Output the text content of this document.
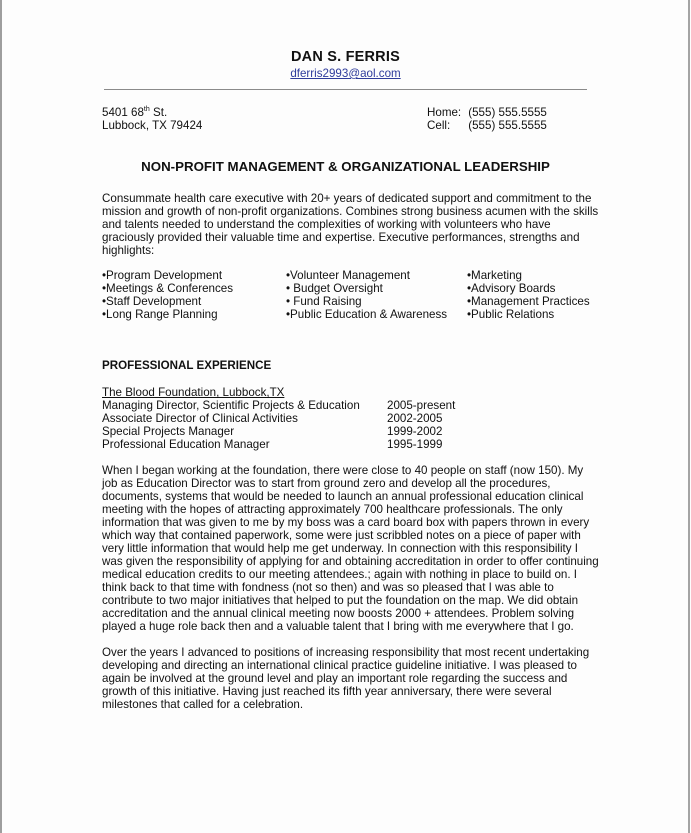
DAN S. FERRIS
dferris2993@aol.com
5401 68th St.
Lubbock, TX 79424
Home: (555) 555.5555
Cell: (555) 555.5555
NON-PROFIT MANAGEMENT & ORGANIZATIONAL LEADERSHIP
Consummate health care executive with 20+ years of dedicated support and commitment to the
mission and growth of non-profit organizations. Combines strong business acumen with the skills
and talents needed to understand the complexities of working with volunteers who have
graciously provided their valuable time and expertise. Executive performances, strengths and
highlights:
•Program Development
•Meetings & Conferences
•Staff Development
•Long Range Planning
•Volunteer Management
• Budget Oversight
• Fund Raising
•Public Education & Awareness
•Marketing
•Advisory Boards
•Management Practices
•Public Relations
PROFESSIONAL EXPERIENCE
The Blood Foundation, Lubbock,TX
Managing Director, Scientific Projects & Education 2005-present
Associate Director of Clinical Activities	2002-2005
Special Projects Manager	1999-2002
Professional Education Manager	1995-1999
When I began working at the foundation, there were close to 40 people on staff (now 150). My
job as Education Director was to start from ground zero and develop all the procedures,
documents, systems that would be needed to launch an annual professional education clinical
meeting with the hopes of attracting approximately 700 healthcare professionals. The only
information that was given to me by my boss was a card board box with papers thrown in every
which way that contained paperwork, some were just scribbled notes on a piece of paper with
very little information that would help me get underway. In connection with this responsibility I
was given the responsibility of applying for and obtaining accreditation in order to offer continuing
medical education credits to our meeting attendees.; again with nothing in place to build on. I
think back to that time with fondness (not so then) and was so pleased that I was able to
contribute to two major initiatives that helped to put the foundation on the map. We did obtain
accreditation and the annual clinical meeting now boosts 2000 + attendees. Problem solving
played a huge role back then and a valuable talent that I bring with me everywhere that I go.
Over the years I advanced to positions of increasing responsibility that most recent undertaking
developing and directing an international clinical practice guideline initiative. I was pleased to
again be involved at the ground level and play an important role regarding the success and
growth of this initiative. Having just reached its fifth year anniversary, there were several
milestones that called for a celebration.
